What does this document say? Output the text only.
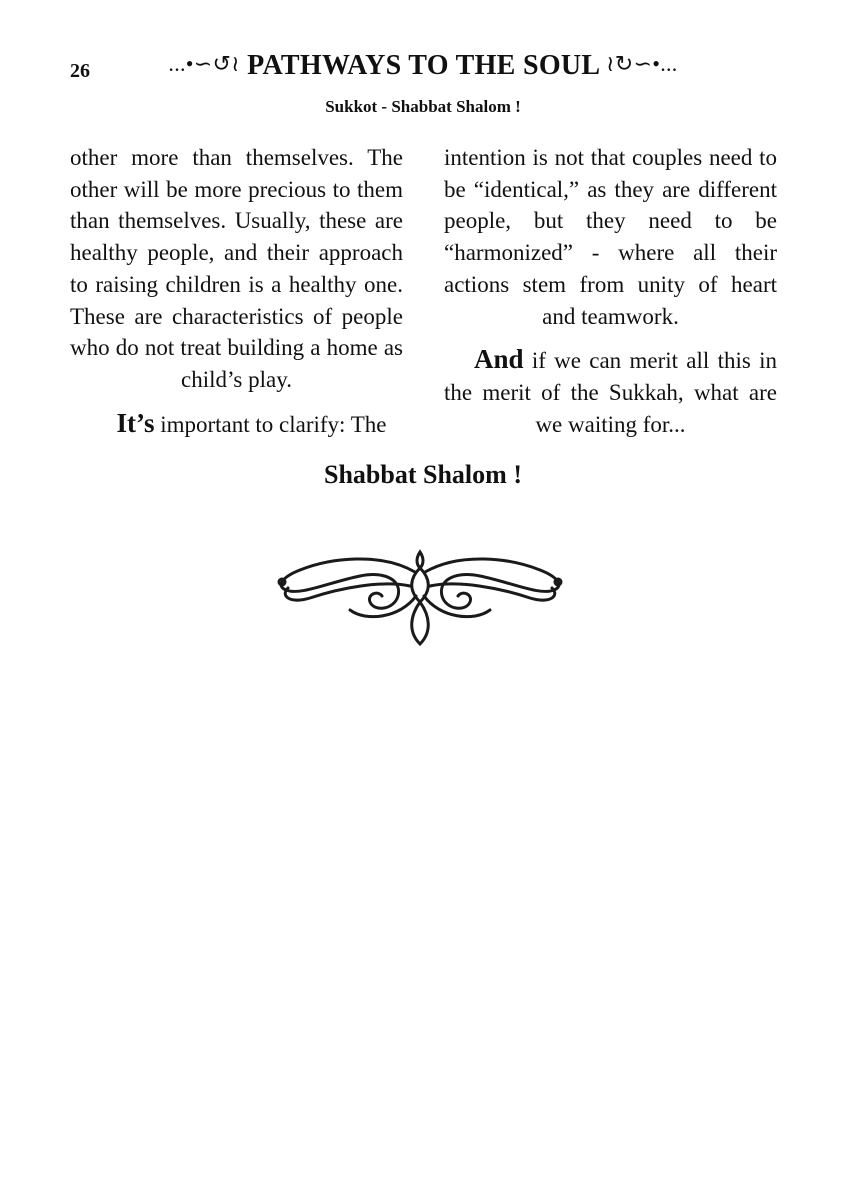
26	...•∽↺≀ PATHWAYS TO THE SOUL ≀↻∽•...
Sukkot - Shabbat Shalom !

other more than themselves. The other will be more precious to them than themselves. Usually, these are healthy people, and their approach to raising children is a healthy one. These are characteristics of people who do not treat building a home as child’s play.

It’s important to clarify: The

intention is not that couples need to be “identical,” as they are different people, but they need to be “harmonized” - where all their actions stem from unity of heart and teamwork.

And if we can merit all this in the merit of the Sukkah, what are we waiting for...

Shabbat Shalom !
